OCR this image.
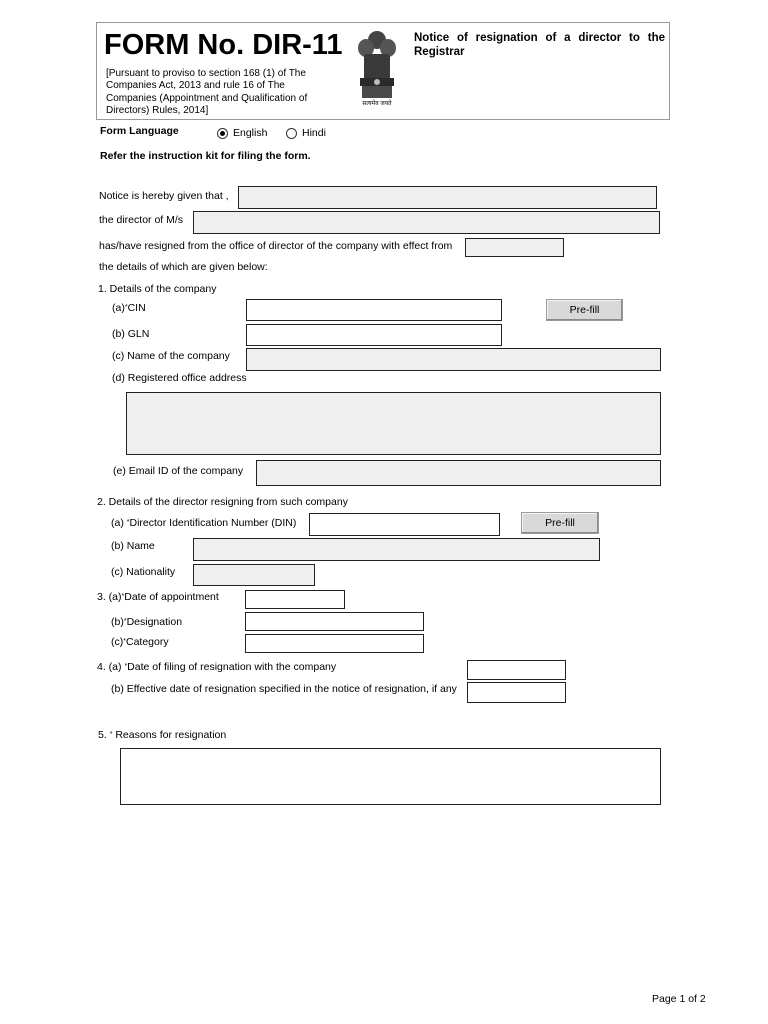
FORM No. DIR-11
[Pursuant to proviso to section 168 (1) of The
Companies Act, 2013 and rule 16 of The
Companies (Appointment and Qualification of
Directors) Rules, 2014]
सत्यमेव जयते
Notice of resignation of a director to the
Registrar
Form Language	English	Hindi
Refer the instruction kit for filing the form.
Notice is hereby given that ,
the director of M/s
has/have resigned from the office of director of the company with effect from
the details of which are given below:
1. Details of the company
(a)*CIN	Pre-fill
(b) GLN
(c) Name of the company
(d) Registered office address
(e) Email ID of the company
2. Details of the director resigning from such company
(a) *Director Identification Number (DIN)	Pre-fill
(b) Name
(c) Nationality
3. (a)*Date of appointment
(b)*Designation
(c)*Category
4. (a) *Date of filing of resignation with the company
(b) Effective date of resignation specified in the notice of resignation, if any
5. * Reasons for resignation
Page 1 of 2
